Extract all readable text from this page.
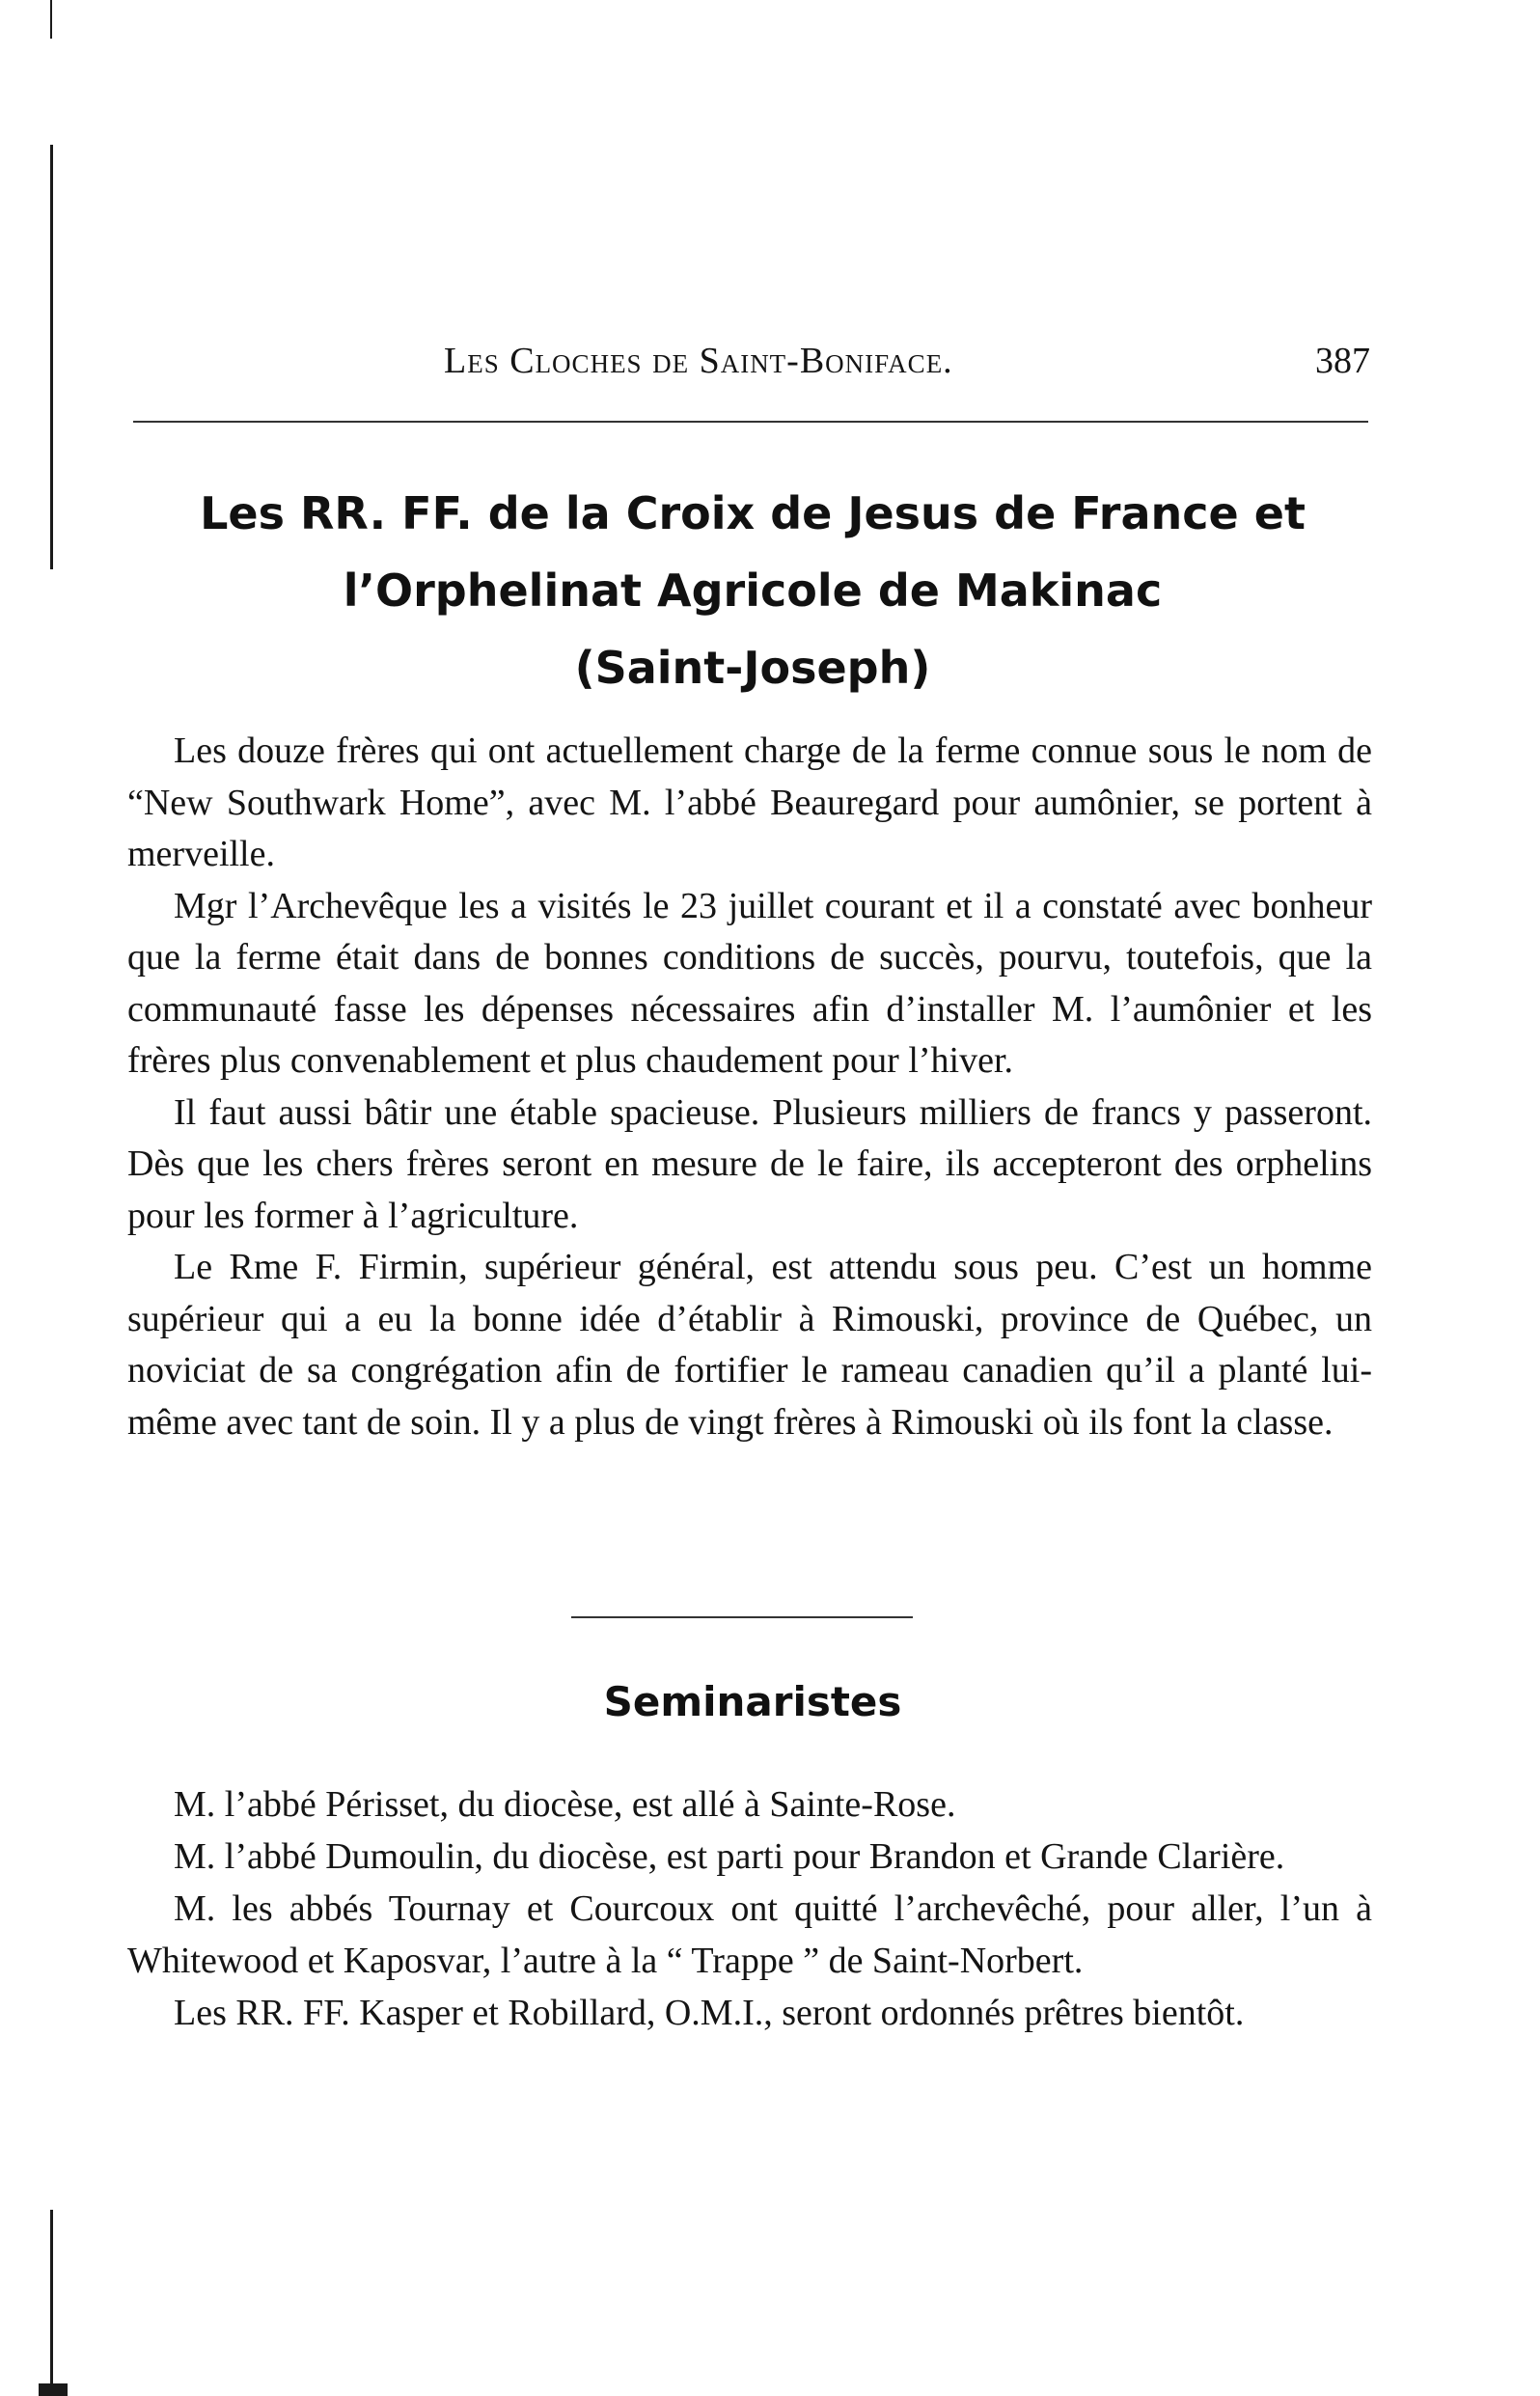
Les Cloches de Saint-Boniface.	387
Les RR. FF. de la Croix de Jesus de France et
l’Orphelinat Agricole de Makinac
(Saint-Joseph)

Les douze frères qui ont actuellement charge de la ferme connue sous le nom de “New Southwark Home”, avec M. l’abbé Beauregard pour aumônier, se portent à merveille.

Mgr l’Archevêque les a visités le 23 juillet courant et il a constaté avec bonheur que la ferme était dans de bonnes conditions de succès, pourvu, toutefois, que la communauté fasse les dépenses nécessaires afin d’installer M. l’aumônier et les frères plus convenablement et plus chaudement pour l’hiver.

Il faut aussi bâtir une étable spacieuse. Plusieurs milliers de francs y passeront. Dès que les chers frères seront en mesure de le faire, ils accepteront des orphelins pour les former à l’agriculture.

Le Rme F. Firmin, supérieur général, est attendu sous peu. C’est un homme supérieur qui a eu la bonne idée d’établir à Rimouski, province de Québec, un noviciat de sa congrégation afin de fortifier le rameau canadien qu’il a planté lui-même avec tant de soin. Il y a plus de vingt frères à Rimouski où ils font la classe.

Seminaristes

M. l’abbé Périsset, du diocèse, est allé à Sainte-Rose.

M. l’abbé Dumoulin, du diocèse, est parti pour Brandon et Grande Clarière.

M. les abbés Tournay et Courcoux ont quitté l’archevêché, pour aller, l’un à Whitewood et Kaposvar, l’autre à la “ Trappe ” de Saint-Norbert.

Les RR. FF. Kasper et Robillard, O.M.I., seront ordonnés prêtres bientôt.
